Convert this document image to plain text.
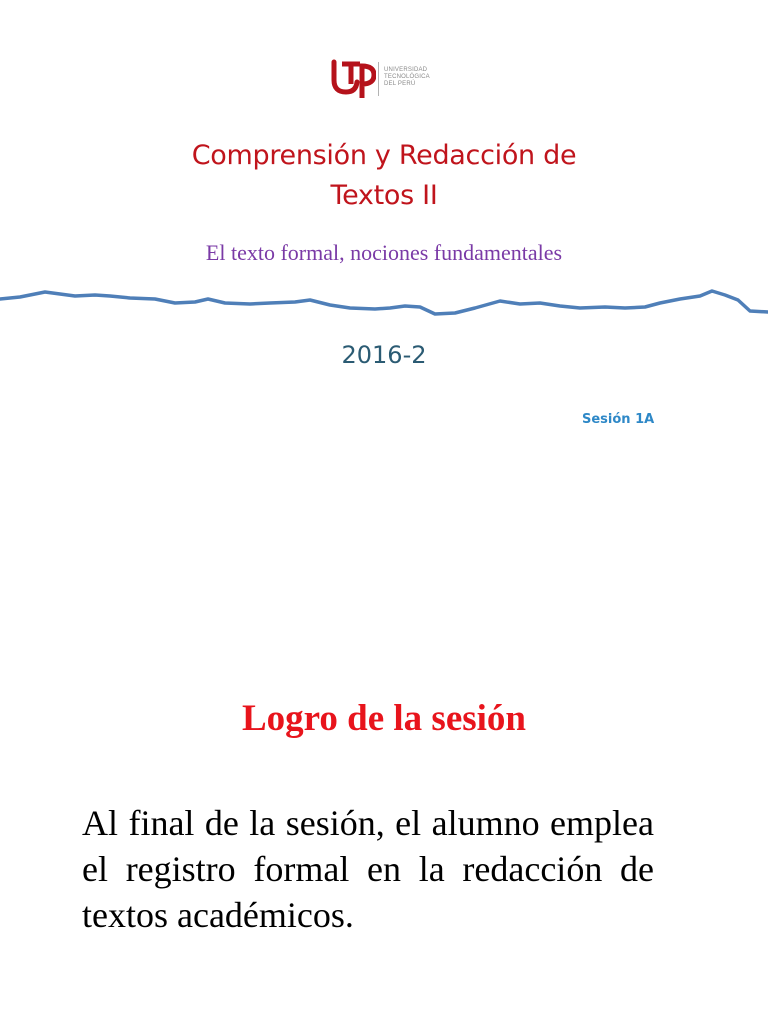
UNIVERSIDAD
TECNOLÓGICA
DEL PERÚ
Comprensión y Redacción de
Textos II
El texto formal, nociones fundamentales
2016-2
Sesión 1A
Logro de la sesión
Al final de la sesión, el alumno emplea el registro formal en la redacción de textos académicos.
